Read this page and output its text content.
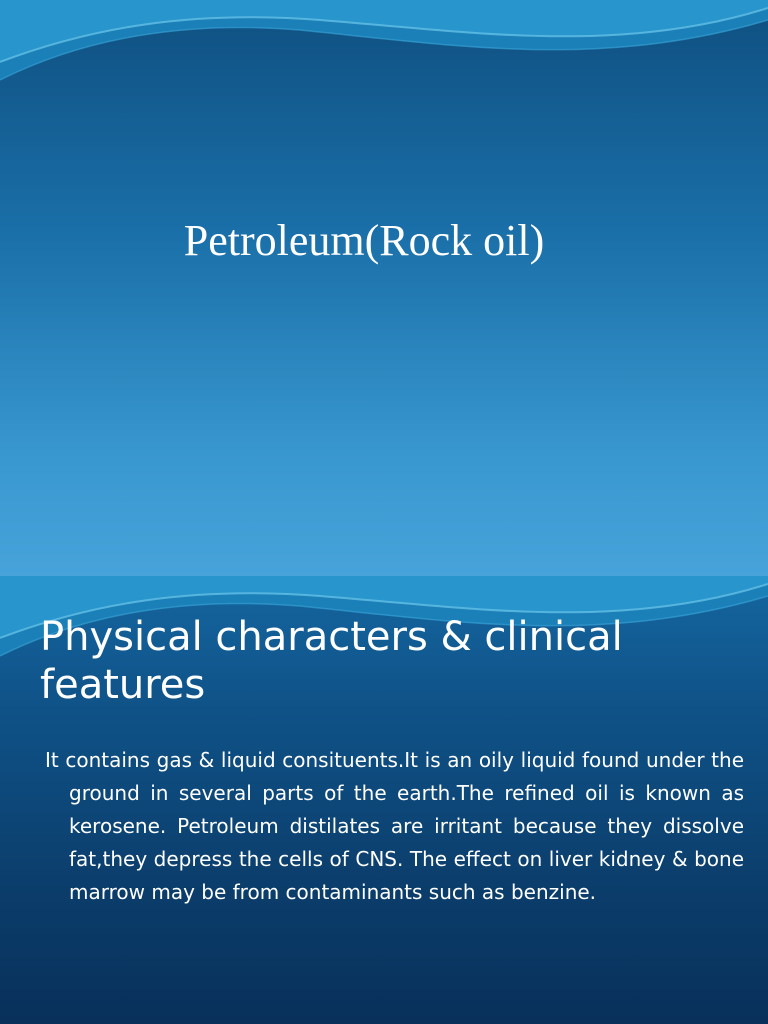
Petroleum(Rock oil)
Physical characters & clinical features

It contains gas & liquid consituents.It is an oily liquid found under the ground in several parts of the earth.The refined oil is known as kerosene. Petroleum distilates are irritant because they dissolve fat,they depress the cells of CNS. The effect on liver kidney & bone marrow may be from contaminants such as benzine.
